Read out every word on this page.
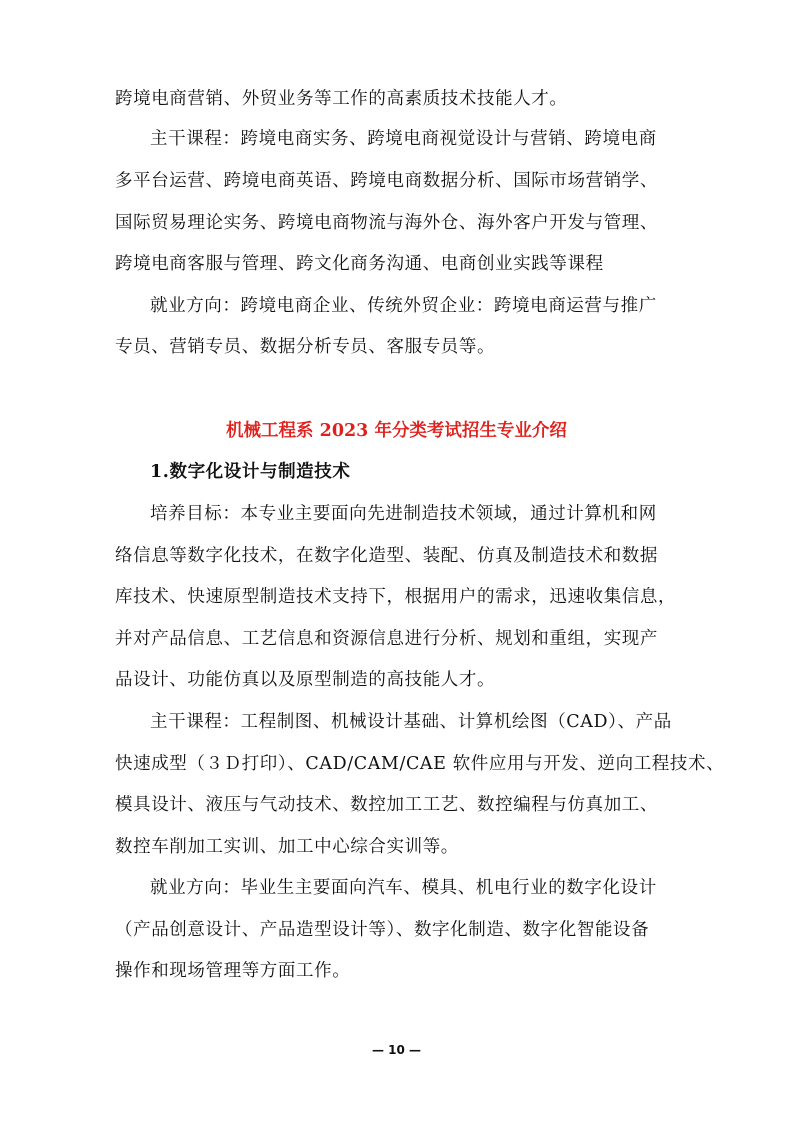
跨境电商营销、外贸业务等工作的高素质技术技能人才。
主干课程：跨境电商实务、跨境电商视觉设计与营销、跨境电商
多平台运营、跨境电商英语、跨境电商数据分析、国际市场营销学、
国际贸易理论实务、跨境电商物流与海外仓、海外客户开发与管理、
跨境电商客服与管理、跨文化商务沟通、电商创业实践等课程
就业方向：跨境电商企业、传统外贸企业：跨境电商运营与推广
专员、营销专员、数据分析专员、客服专员等。
机械工程系 2023 年分类考试招生专业介绍
1.数字化设计与制造技术
培养目标：本专业主要面向先进制造技术领域，通过计算机和网
络信息等数字化技术，在数字化造型、装配、仿真及制造技术和数据
库技术、快速原型制造技术支持下，根据用户的需求，迅速收集信息，
并对产品信息、工艺信息和资源信息进行分析、规划和重组，实现产
品设计、功能仿真以及原型制造的高技能人才。
主干课程：工程制图、机械设计基础、计算机绘图（CAD）、产品
快速成型（３Ｄ打印）、CAD/CAM/CAE 软件应用与开发、逆向工程技术、
模具设计、液压与气动技术、数控加工工艺、数控编程与仿真加工、
数控车削加工实训、加工中心综合实训等。
就业方向：毕业生主要面向汽车、模具、机电行业的数字化设计
（产品创意设计、产品造型设计等）、数字化制造、数字化智能设备
操作和现场管理等方面工作。
— 10 —
